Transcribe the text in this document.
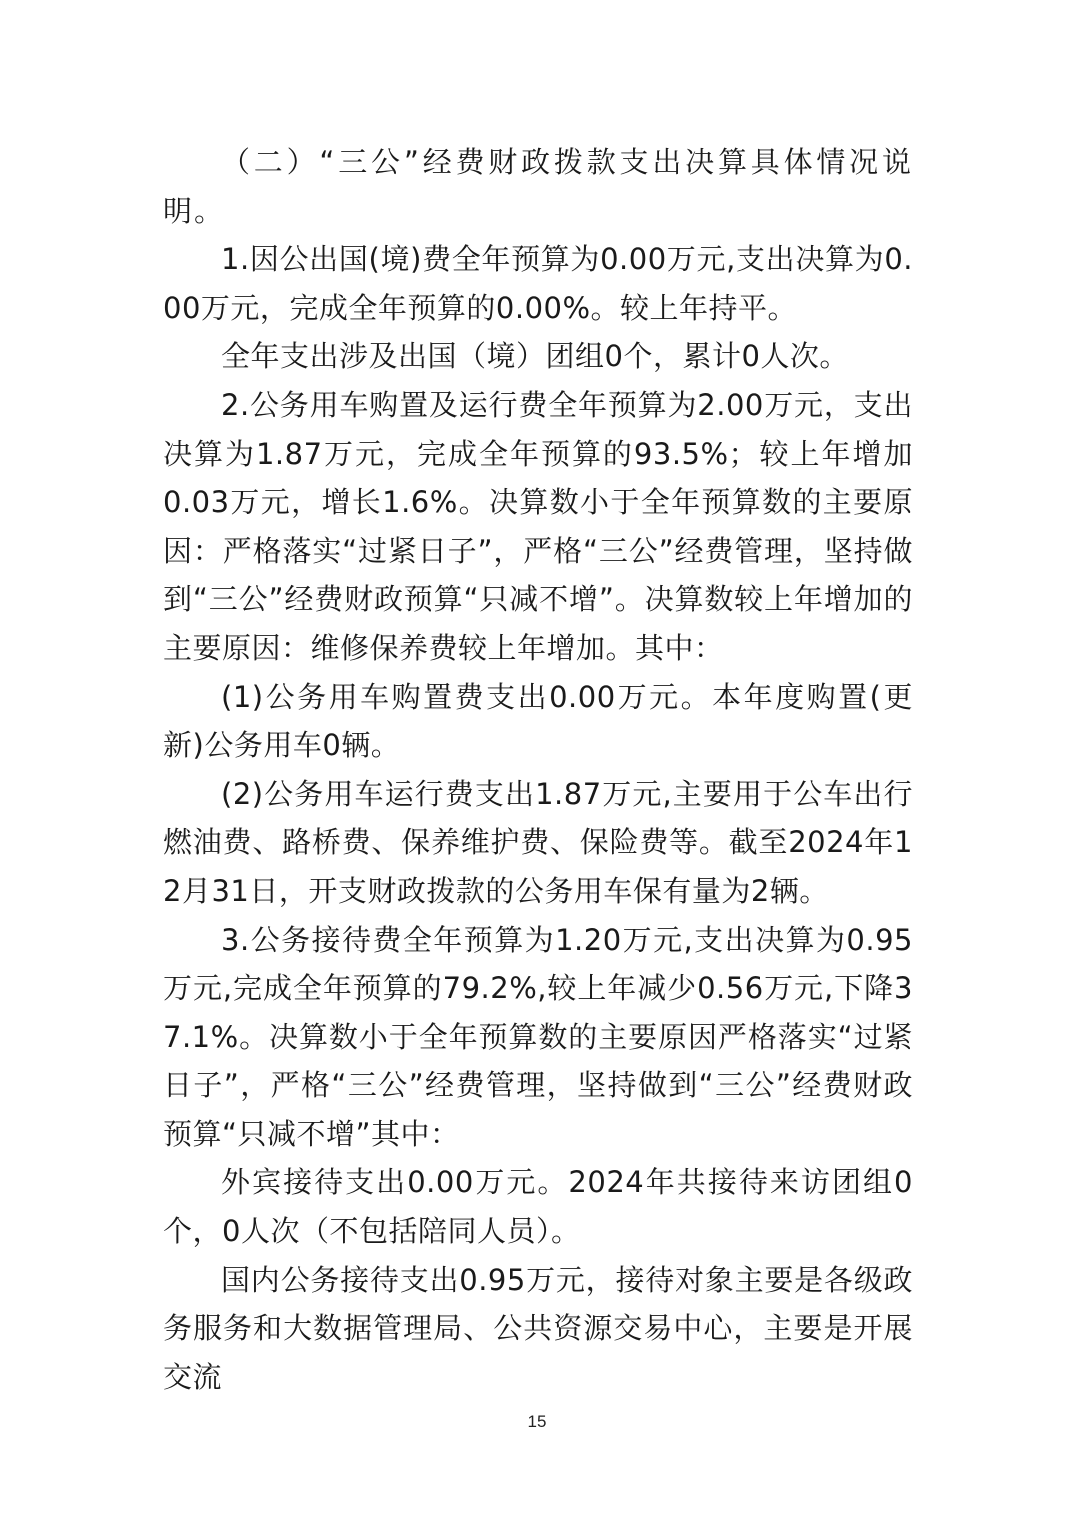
（二）“三公”经费财政拨款支出决算具体情况说明。

1.因公出国(境)费全年预算为0.00万元,支出决算为0.00万元，完成全年预算的0.00%。较上年持平。

全年支出涉及出国（境）团组0个，累计0人次。

2.公务用车购置及运行费全年预算为2.00万元，支出决算为1.87万元，完成全年预算的93.5%；较上年增加0.03万元，增长1.6%。决算数小于全年预算数的主要原因：严格落实“过紧日子”，严格“三公”经费管理，坚持做到“三公”经费财政预算“只减不增”。决算数较上年增加的主要原因：维修保养费较上年增加。其中：

(1)公务用车购置费支出0.00万元。本年度购置(更新)公务用车0辆。

(2)公务用车运行费支出1.87万元,主要用于公车出行燃油费、路桥费、保养维护费、保险费等。截至2024年12月31日，开支财政拨款的公务用车保有量为2辆。

3.公务接待费全年预算为1.20万元,支出决算为0.95万元,完成全年预算的79.2%,较上年减少0.56万元,下降37.1%。决算数小于全年预算数的主要原因严格落实“过紧日子”，严格“三公”经费管理，坚持做到“三公”经费财政预算“只减不增”其中：

外宾接待支出0.00万元。2024年共接待来访团组0个，0人次（不包括陪同人员）。

国内公务接待支出0.95万元，接待对象主要是各级政务服务和大数据管理局、公共资源交易中心，主要是开展交流

15
